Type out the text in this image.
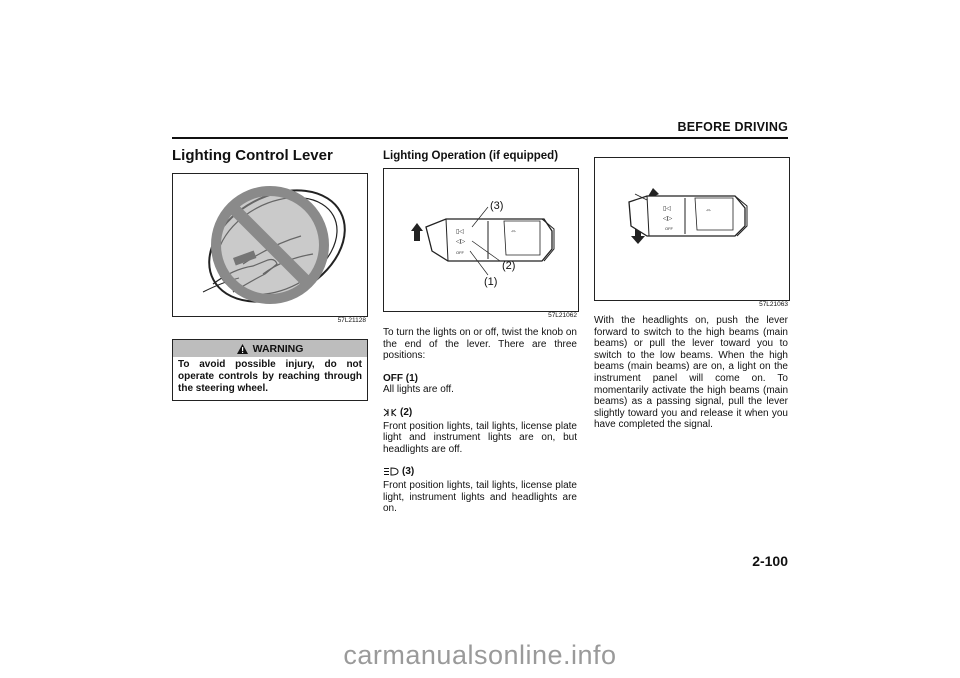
BEFORE DRIVING
Lighting Control Lever
57L21128
WARNING
To avoid possible injury, do not operate controls by reaching through the steering wheel.
Lighting Operation (if equipped)
▯◁
◁▷
OFF
⇔
(3)
(2)
(1)
57L21062

To turn the lights on or off, twist the knob on the end of the lever. There are three positions:

OFF (1)
All lights are off.
(2)
Front position lights, tail lights, license plate light and instrument lights are on, but headlights are off.
(3)
Front position lights, tail lights, license plate light, instrument lights and headlights are on.
▯◁
◁▷
OFF
⇔
57L21063
With the headlights on, push the lever forward to switch to the high beams (main beams) or pull the lever toward you to switch to the low beams. When the high beams (main beams) are on, a light on the instrument panel will come on. To momentarily activate the high beams (main beams) as a passing signal, pull the lever slightly toward you and release it when you have completed the signal.
2-100
carmanualsonline.info
